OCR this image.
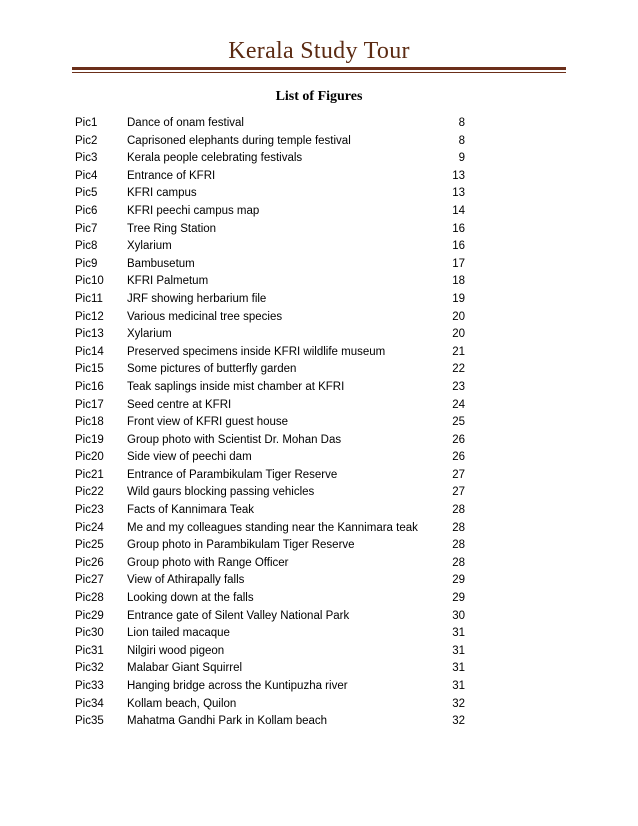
Kerala Study Tour
List of Figures
Pic1	Dance of onam festival	8
Pic2	Caprisoned elephants during temple festival	8
Pic3	Kerala people celebrating festivals	9
Pic4	Entrance of KFRI	13
Pic5	KFRI campus	13
Pic6	KFRI peechi campus map	14
Pic7	Tree Ring Station	16
Pic8	Xylarium	16
Pic9	Bambusetum	17
Pic10 KFRI Palmetum	18
Pic11 JRF showing herbarium file	19
Pic12 Various medicinal tree species	20
Pic13 Xylarium	20
Pic14 Preserved specimens inside KFRI wildlife museum	21
Pic15 Some pictures of butterfly garden	22
Pic16 Teak saplings inside mist chamber at KFRI	23
Pic17 Seed centre at KFRI	24
Pic18 Front view of KFRI guest house	25
Pic19 Group photo with Scientist Dr. Mohan Das	26
Pic20 Side view of peechi dam	26
Pic21 Entrance of Parambikulam Tiger Reserve	27
Pic22 Wild gaurs blocking passing vehicles	27
Pic23 Facts of Kannimara Teak	28
Pic24 Me and my colleagues standing near the Kannimara teak	28
Pic25 Group photo in Parambikulam Tiger Reserve	28
Pic26 Group photo with Range Officer	28
Pic27 View of Athirapally falls	29
Pic28 Looking down at the falls	29
Pic29 Entrance gate of Silent Valley National Park	30
Pic30 Lion tailed macaque	31
Pic31 Nilgiri wood pigeon	31
Pic32 Malabar Giant Squirrel	31
Pic33 Hanging bridge across the Kuntipuzha river	31
Pic34 Kollam beach, Quilon	32
Pic35 Mahatma Gandhi Park in Kollam beach	32
